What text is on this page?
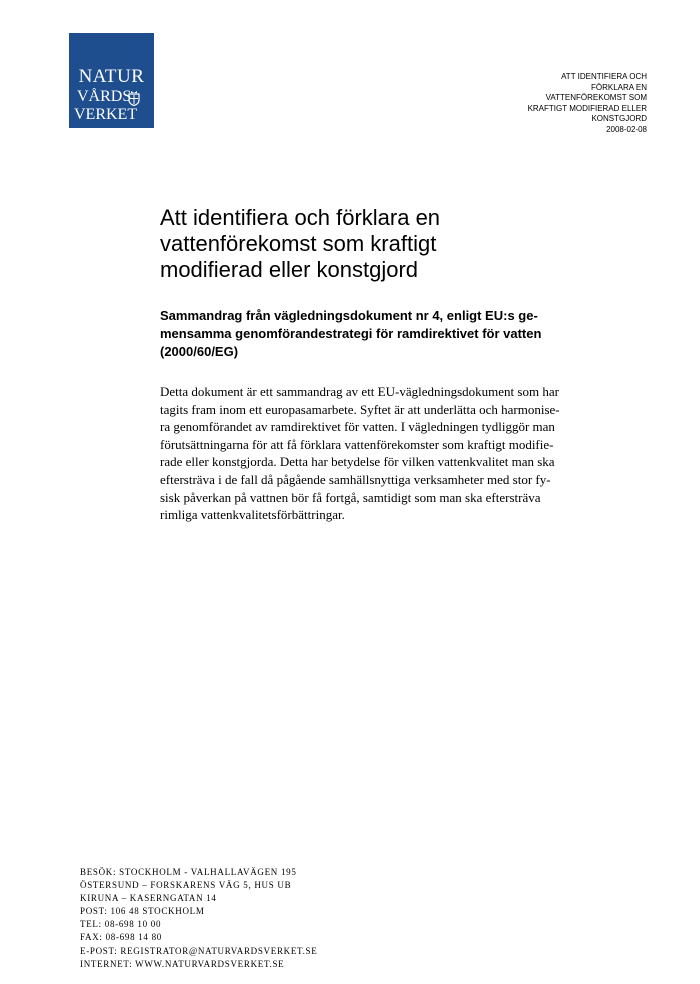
NATUR
VÅRDS
VERKET
ATT IDENTIFIERA OCH
FÖRKLARA EN
VATTENFÖREKOMST SOM
KRAFTIGT MODIFIERAD ELLER
KONSTGJORD
2008-02-08
Att identifiera och förklara en
vattenförekomst som kraftigt
modifierad eller konstgjord
Sammandrag från vägledningsdokument nr 4, enligt EU:s ge-
mensamma genomförandestrategi för ramdirektivet för vatten
(2000/60/EG)
Detta dokument är ett sammandrag av ett EU-vägledningsdokument som har
tagits fram inom ett europasamarbete. Syftet är att underlätta och harmonise-
ra genomförandet av ramdirektivet för vatten. I vägledningen tydliggör man
förutsättningarna för att få förklara vattenförekomster som kraftigt modifie-
rade eller konstgjorda. Detta har betydelse för vilken vattenkvalitet man ska
eftersträva i de fall då pågående samhällsnyttiga verksamheter med stor fy-
sisk påverkan på vattnen bör få fortgå, samtidigt som man ska eftersträva
rimliga vattenkvalitetsförbättringar.
BESÖK: STOCKHOLM - VALHALLAVÄGEN 195
ÖSTERSUND – FORSKARENS VÄG 5, HUS UB
KIRUNA – KASERNGATAN 14
POST: 106 48 STOCKHOLM
TEL: 08-698 10 00
FAX: 08-698 14 80
E-POST: REGISTRATOR@NATURVARDSVERKET.SE
INTERNET: WWW.NATURVARDSVERKET.SE
